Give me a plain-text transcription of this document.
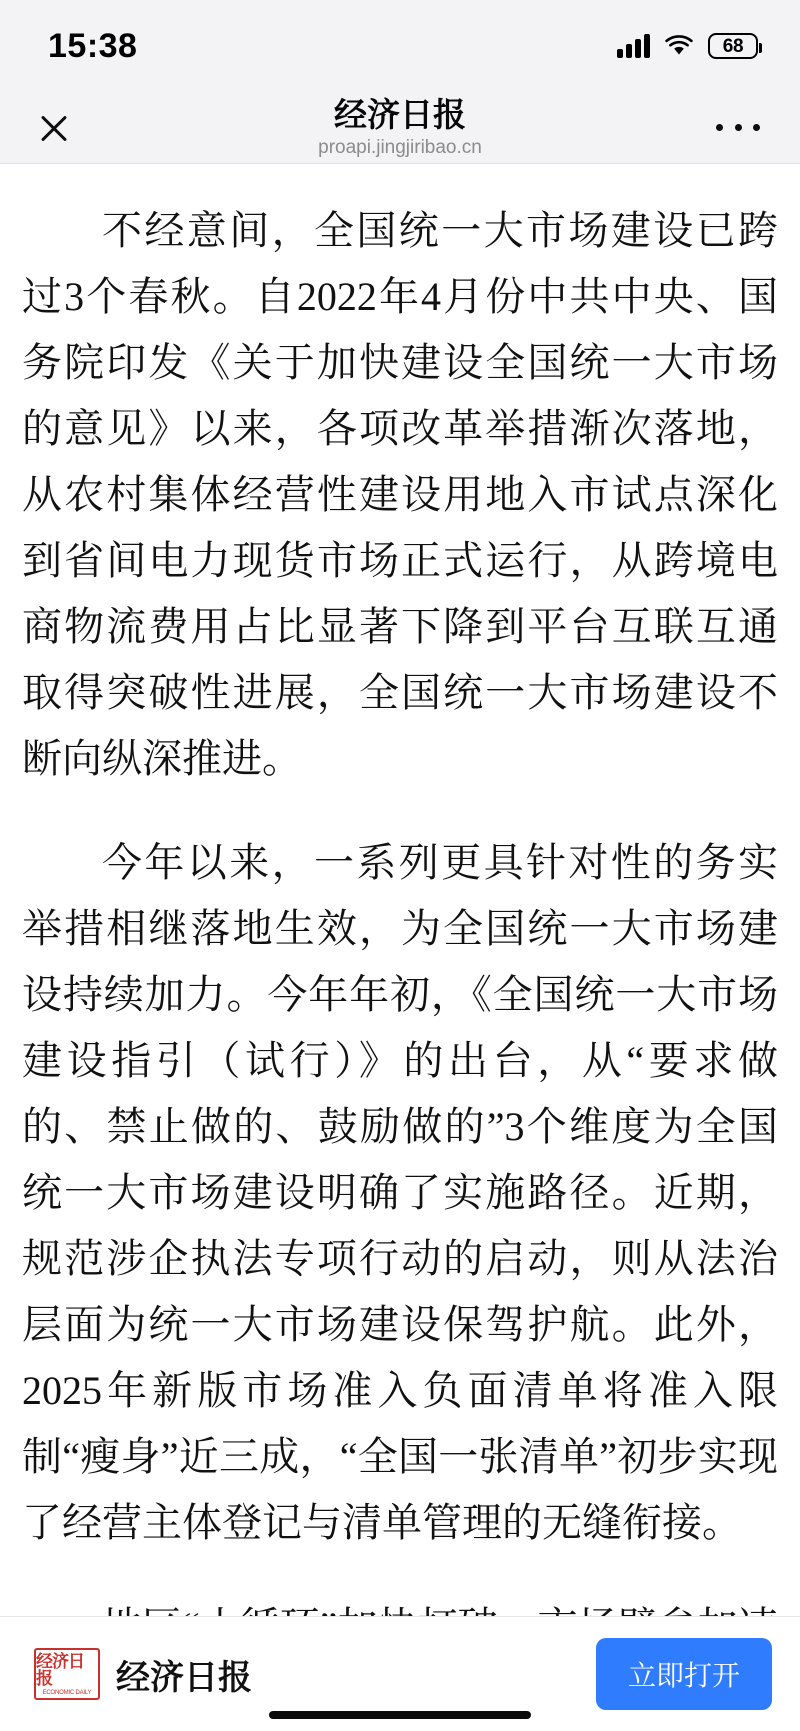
15:38	68
经济日报
proapi.jingjiribao.cn

不经意间，全国统一大市场建设已跨过3个春秋。自2022年4月份中共中央、国务院印发《关于加快建设全国统一大市场的意见》以来，各项改革举措渐次落地，从农村集体经营性建设用地入市试点深化到省间电力现货市场正式运行，从跨境电商物流费用占比显著下降到平台互联互通取得突破性进展，全国统一大市场建设不断向纵深推进。

今年以来，一系列更具针对性的务实举措相继落地生效，为全国统一大市场建设持续加力。今年年初，《全国统一大市场建设指引（试行）》的出台，从“要求做的、禁止做的、鼓励做的”3个维度为全国统一大市场建设明确了实施路径。近期，规范涉企执法专项行动的启动，则从法治层面为统一大市场建设保驾护航。此外，2025年新版市场准入负面清单将准入限制“瘦身”近三成，“全国一张清单”初步实现了经营主体登记与清单管理的无缝衔接。

经济日报
ECONOMIC DAILY 经济日报	立即打开
